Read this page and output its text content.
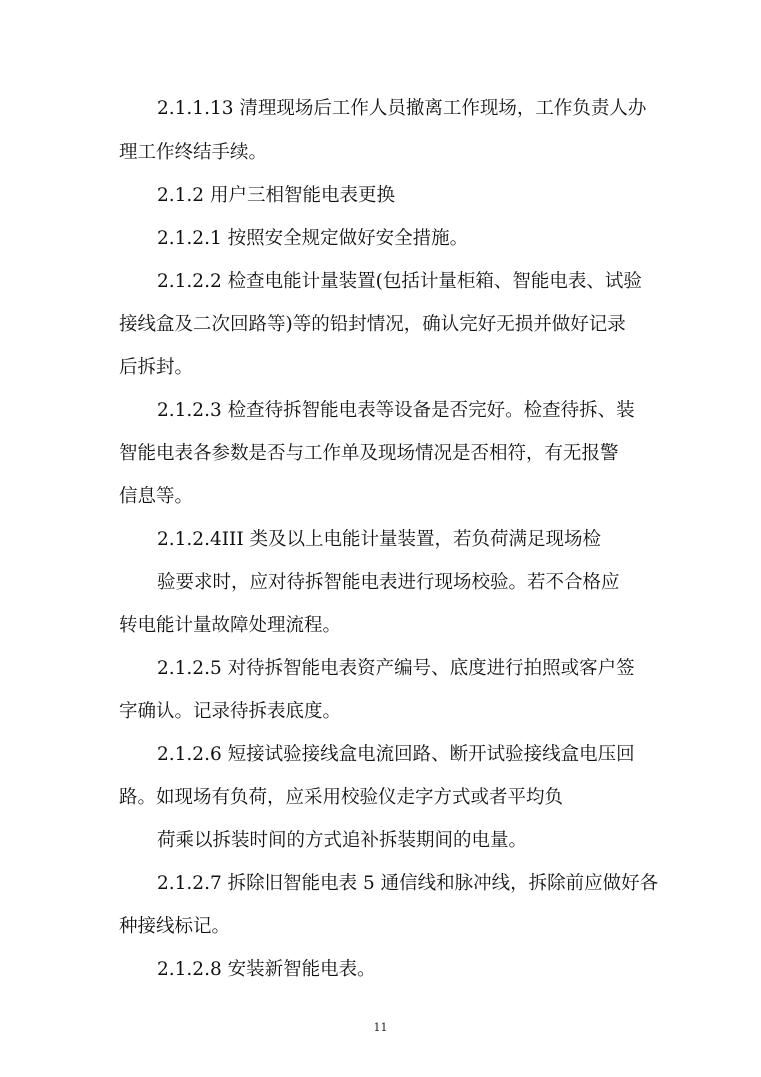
2.1.1.13 清理现场后工作人员撤离工作现场，工作负责人办
理工作终结手续。
2.1.2 用户三相智能电表更换
2.1.2.1 按照安全规定做好安全措施。
2.1.2.2 检查电能计量装置(包括计量柜箱、智能电表、试验
接线盒及二次回路等)等的铅封情况，确认完好无损并做好记录
后拆封。
2.1.2.3 检查待拆智能电表等设备是否完好。检查待拆、装
智能电表各参数是否与工作单及现场情况是否相符，有无报警
信息等。
2.1.2.4III 类及以上电能计量装置，若负荷满足现场检
验要求时，应对待拆智能电表进行现场校验。若不合格应
转电能计量故障处理流程。
2.1.2.5 对待拆智能电表资产编号、底度进行拍照或客户签
字确认。记录待拆表底度。
2.1.2.6 短接试验接线盒电流回路、断开试验接线盒电压回
路。如现场有负荷，应采用校验仪走字方式或者平均负
荷乘以拆装时间的方式追补拆装期间的电量。
2.1.2.7 拆除旧智能电表 5 通信线和脉冲线，拆除前应做好各
种接线标记。
2.1.2.8 安装新智能电表。
11
